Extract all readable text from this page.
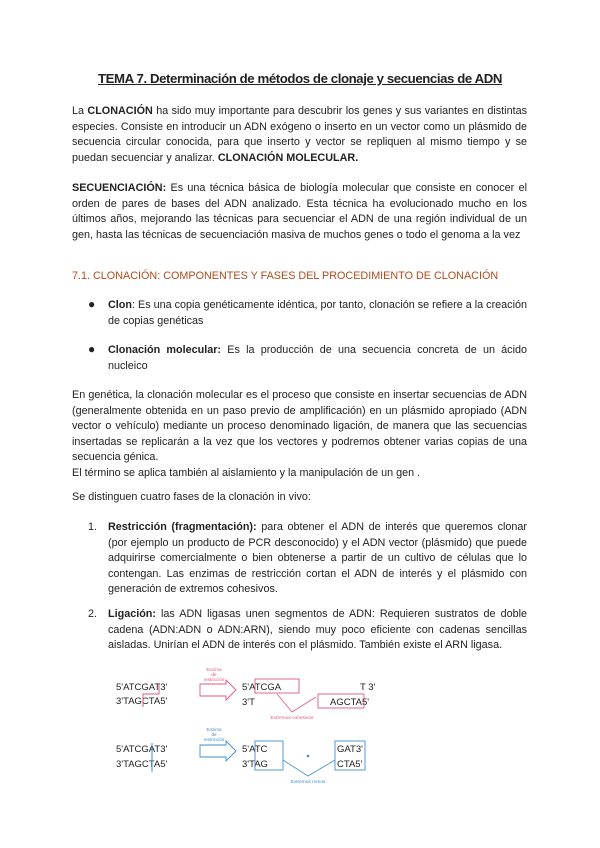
TEMA 7. Determinación de métodos de clonaje y secuencias de ADN

La CLONACIÓN ha sido muy importante para descubrir los genes y sus variantes en distintas especies. Consiste en introducir un ADN exógeno o inserto en un vector como un plásmido de secuencia circular conocida, para que inserto y vector se repliquen al mismo tiempo y se puedan secuenciar y analizar. CLONACIÓN MOLECULAR.

SECUENCIACIÓN: Es una técnica básica de biología molecular que consiste en conocer el orden de pares de bases del ADN analizado. Esta técnica ha evolucionado mucho en los últimos años, mejorando las técnicas para secuenciar el ADN de una región individual de un gen, hasta las técnicas de secuenciación masiva de muchos genes o todo el genoma a la vez

7.1. CLONACIÓN: COMPONENTES Y FASES DEL PROCEDIMIENTO DE CLONACIÓN
● Clon: Es una copia genéticamente idéntica, por tanto, clonación se refiere a la creación de copias genéticas

● Clonación molecular: Es la producción de una secuencia concreta de un ácido nucleico

En genética, la clonación molecular es el proceso que consiste en insertar secuencias de ADN (generalmente obtenida en un paso previo de amplificación) en un plásmido apropiado (ADN vector o vehículo) mediante un proceso denominado ligación, de manera que las secuencias insertadas se replicarán a la vez que los vectores y podremos obtener varias copias de una secuencia génica.
El término se aplica también al aislamiento y la manipulación de un gen .

Se distinguen cuatro fases de la clonación in vivo:

1. Restricción (fragmentación): para obtener el ADN de interés que queremos clonar (por ejemplo un producto de PCR desconocido) y el ADN vector (plásmido) que puede adquirirse comercialmente o bien obtenerse a partir de un cultivo de células que lo contengan. Las enzimas de restricción cortan el ADN de interés y el plásmido con generación de extremos cohesivos.

2. Ligación: las ADN ligasas unen segmentos de ADN: Requieren sustratos de doble cadena (ADN:ADN o ADN:ARN), siendo muy poco eficiente con cadenas sencillas aisladas. Unirían el ADN de interés con el plásmido. También existe el ARN ligasa.

5'ATCGAT3'
3'TAGCTA5'
Enzima
de
restricción
5'ATCGA
3'T
T 3'
AGCTA5'
Extremos cohesivos
5'ATCGAT3'
3'TAGCTA5'
Enzima
de
restricción
5'ATC
3'TAG
GAT3'
CTA5'
Extremos romos
